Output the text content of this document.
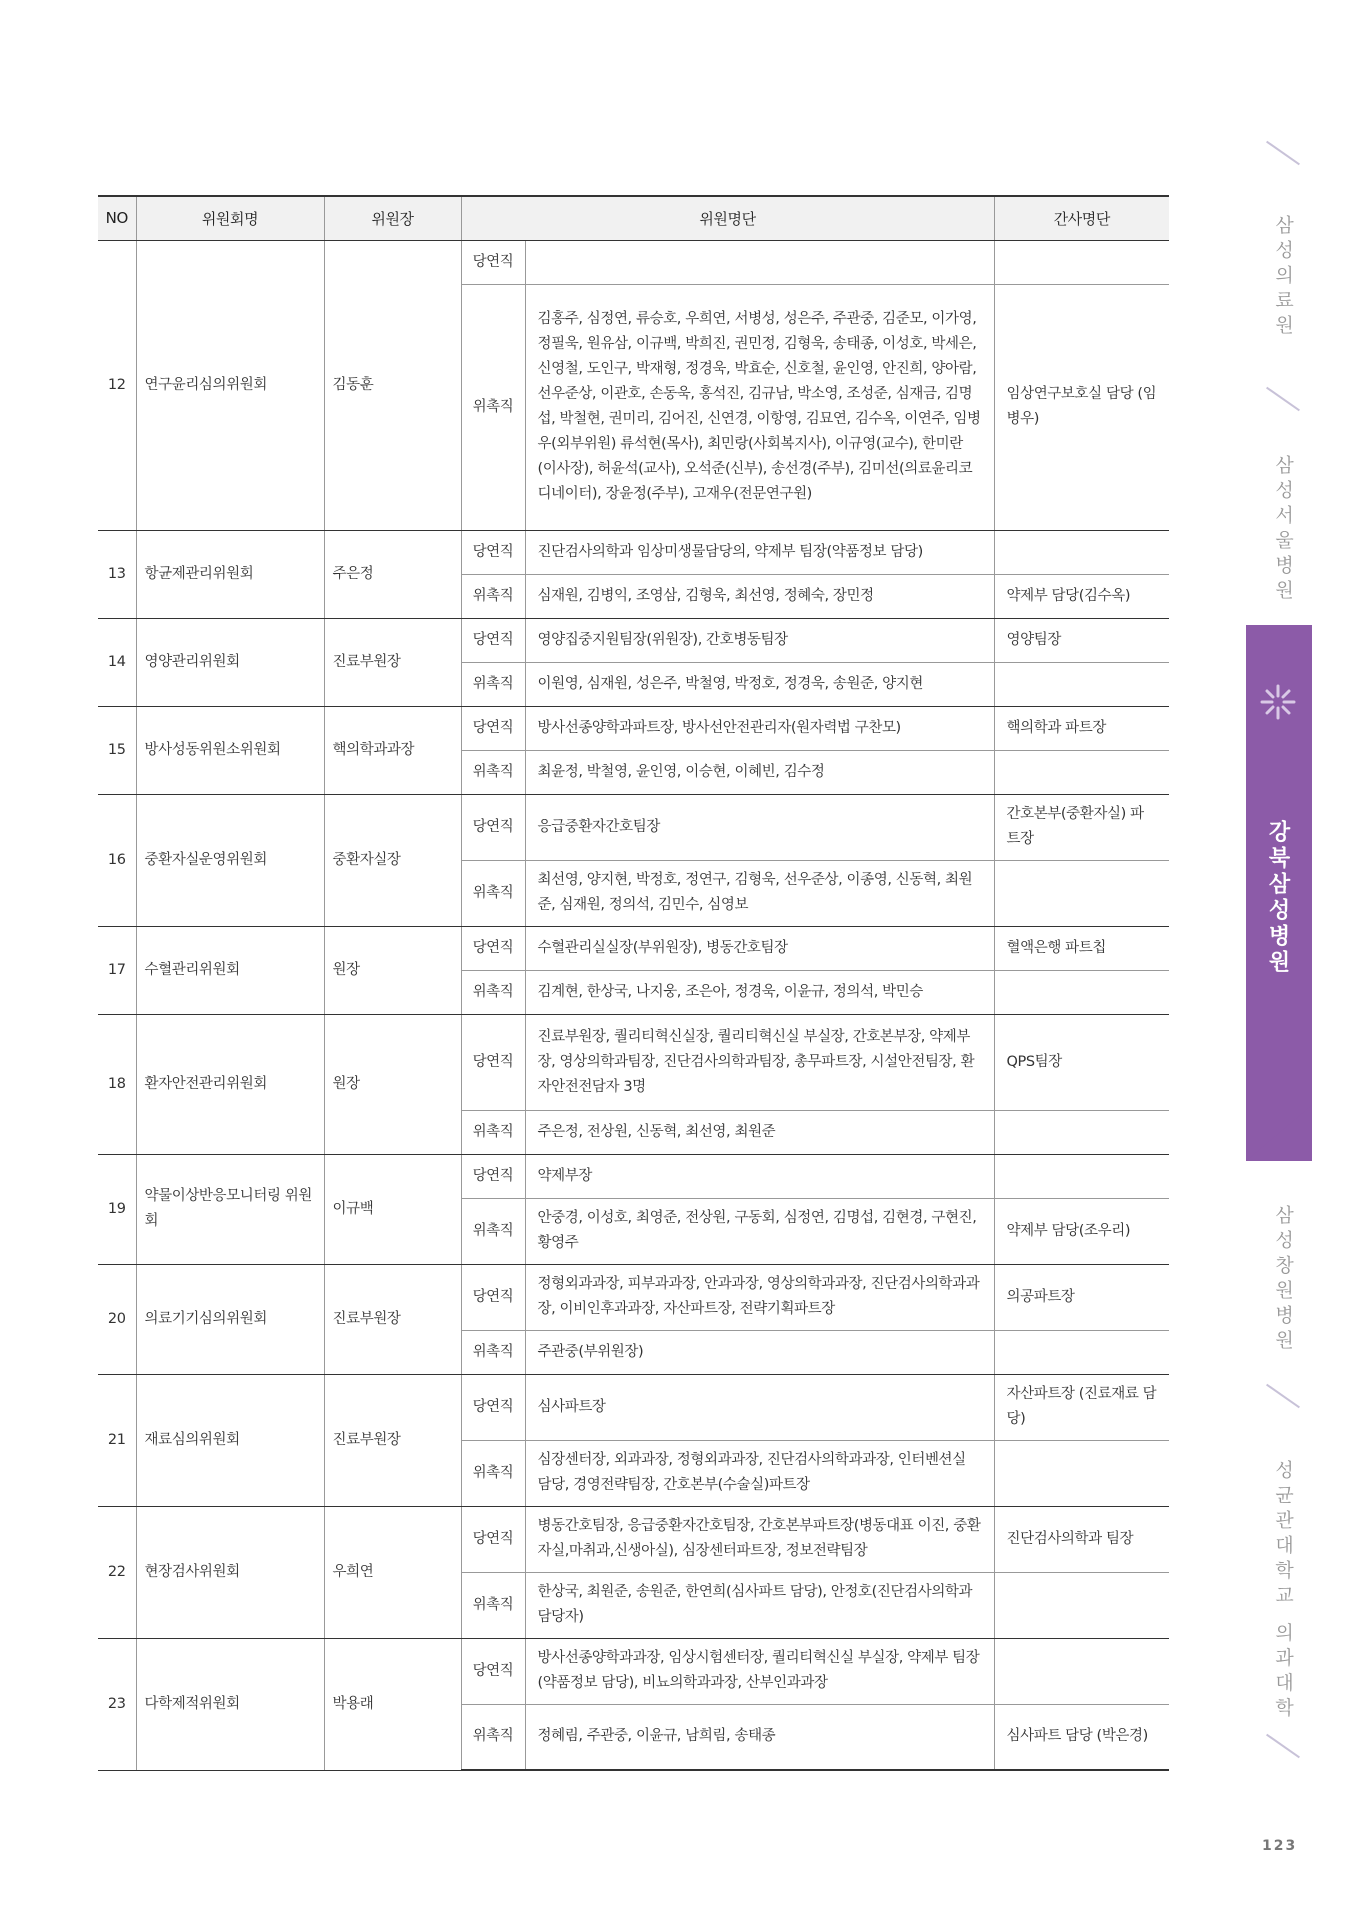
NO	위원회명	위원장	위원명단		간사명단
12	연구윤리심의위원회	김동훈	당연직		
			위촉직	김홍주, 심정연, 류승호, 우희연, 서병성, 성은주, 주관중, 김준모, 이가영, 정필욱, 원유삼, 이규백, 박희진, 권민정, 김형욱, 송태종, 이성호, 박세은, 신영철, 도인구, 박재형, 정경욱, 박효순, 신호철, 윤인영, 안진희, 양아람, 선우준상, 이관호, 손동욱, 홍석진, 김규남, 박소영, 조성준, 심재금, 김명섭, 박철현, 권미리, 김어진, 신연경, 이항영, 김묘연, 김수옥, 이연주, 임병우(외부위원) 류석현(목사), 최민랑(사회복지사), 이규영(교수), 한미란(이사장), 허윤석(교사), 오석준(신부), 송선경(주부), 김미선(의료윤리코디네이터), 장윤정(주부), 고재우(전문연구원)	임상연구보호실 담당 (임병우)
13	항균제관리위원회	주은정	당연직	진단검사의학과 임상미생물담당의, 약제부 팀장(약품정보 담당)	
			위촉직	심재원, 김병익, 조영삼, 김형욱, 최선영, 정혜숙, 장민정	약제부 담당(김수옥)
14	영양관리위원회	진료부원장	당연직	영양집중지원팀장(위원장), 간호병동팀장	영양팀장
			위촉직	이원영, 심재원, 성은주, 박철영, 박정호, 정경욱, 송원준, 양지현	
15	방사성동위원소위원회	핵의학과과장	당연직	방사선종양학과파트장, 방사선안전관리자(원자력법 구찬모)	핵의학과 파트장
			위촉직	최윤정, 박철영, 윤인영, 이승현, 이혜빈, 김수정	
16	중환자실운영위원회	중환자실장	당연직	응급중환자간호팀장	간호본부(중환자실) 파트장
			위촉직	최선영, 양지현, 박정호, 정연구, 김형욱, 선우준상, 이종영, 신동혁, 최원준, 심재원, 정의석, 김민수, 심영보	
17	수혈관리위원회	원장	당연직	수혈관리실실장(부위원장), 병동간호팀장	혈액은행 파트칩
			위촉직	김계현, 한상국, 나지웅, 조은아, 정경욱, 이윤규, 정의석, 박민승	
18	환자안전관리위원회	원장	당연직	진료부원장, 퀄리티혁신실장, 퀄리티혁신실 부실장, 간호본부장, 약제부장, 영상의학과팀장, 진단검사의학과팀장, 총무파트장, 시설안전팀장, 환자안전전담자 3명	QPS팀장
			위촉직	주은정, 전상원, 신동혁, 최선영, 최원준	
19	약물이상반응모니터링 위원회	이규백	당연직	약제부장	
			위촉직	안중경, 이성호, 최영준, 전상원, 구동회, 심정연, 김명섭, 김현경, 구현진, 황영주	약제부 담당(조우리)
20	의료기기심의위원회	진료부원장	당연직	정형외과과장, 피부과과장, 안과과장, 영상의학과과장, 진단검사의학과과장, 이비인후과과장, 자산파트장, 전략기획파트장	의공파트장
			위촉직	주관중(부위원장)	
21	재료심의위원회	진료부원장	당연직	심사파트장	자산파트장 (진료재료 담당)
			위촉직	심장센터장, 외과과장, 정형외과과장, 진단검사의학과과장, 인터벤션실 담당, 경영전략팀장, 간호본부(수술실)파트장	
22	현장검사위원회	우희연	당연직	병동간호팀장, 응급중환자간호팀장, 간호본부파트장(병동대표 이진, 중환자실,마취과,신생아실), 심장센터파트장, 정보전략팀장	진단검사의학과 팀장
			위촉직	한상국, 최원준, 송원준, 한연희(심사파트 담당), 안정호(진단검사의학과 담당자)	
23	다학제적위원회	박용래	당연직	방사선종양학과과장, 임상시험센터장, 퀄리티혁신실 부실장, 약제부 팀장(약품정보 담당), 비뇨의학과과장, 산부인과과장	
			위촉직	정혜림, 주관중, 이윤규, 남희림, 송태종	심사파트 담당 (박은경)
삼성의료원
삼성서울병원
강북삼성병원
삼성창원병원
성균관대학교 의과대학
123
